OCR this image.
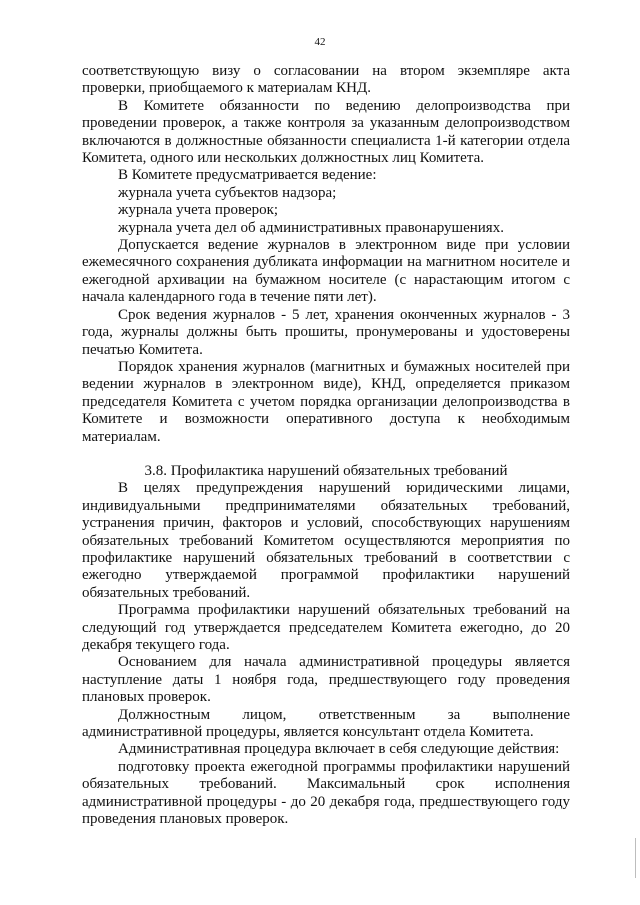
42

соответствующую визу о согласовании на втором экземпляре акта проверки, приобщаемого к материалам КНД.

В Комитете обязанности по ведению делопроизводства при проведении проверок, а также контроля за указанным делопроизводством включаются в должностные обязанности специалиста 1-й категории отдела Комитета, одного или нескольких должностных лиц Комитета.

В Комитете предусматривается ведение:

журнала учета субъектов надзора;

журнала учета проверок;

журнала учета дел об административных правонарушениях.

Допускается ведение журналов в электронном виде при условии ежемесячного сохранения дубликата информации на магнитном носителе и ежегодной архивации на бумажном носителе (с нарастающим итогом с начала календарного года в течение пяти лет).

Срок ведения журналов - 5 лет, хранения оконченных журналов - 3 года, журналы должны быть прошиты, пронумерованы и удостоверены печатью Комитета.

Порядок хранения журналов (магнитных и бумажных носителей при ведении журналов в электронном виде), КНД, определяется приказом председателя Комитета с учетом порядка организации делопроизводства в Комитете и возможности оперативного доступа к необходимым материалам.

3.8. Профилактика нарушений обязательных требований

В целях предупреждения нарушений юридическими лицами, индивидуальными предпринимателями обязательных требований, устранения причин, факторов и условий, способствующих нарушениям обязательных требований Комитетом осуществляются мероприятия по профилактике нарушений обязательных требований в соответствии с ежегодно утверждаемой программой профилактики нарушений обязательных требований.

Программа профилактики нарушений обязательных требований на следующий год утверждается председателем Комитета ежегодно, до 20 декабря текущего года.

Основанием для начала административной процедуры является наступление даты 1 ноября года, предшествующего году проведения плановых проверок.

Должностным лицом, ответственным за выполнение административной процедуры, является консультант отдела Комитета.

Административная процедура включает в себя следующие действия:

подготовку проекта ежегодной программы профилактики нарушений обязательных требований. Максимальный срок исполнения административной процедуры - до 20 декабря года, предшествующего году проведения плановых проверок.
